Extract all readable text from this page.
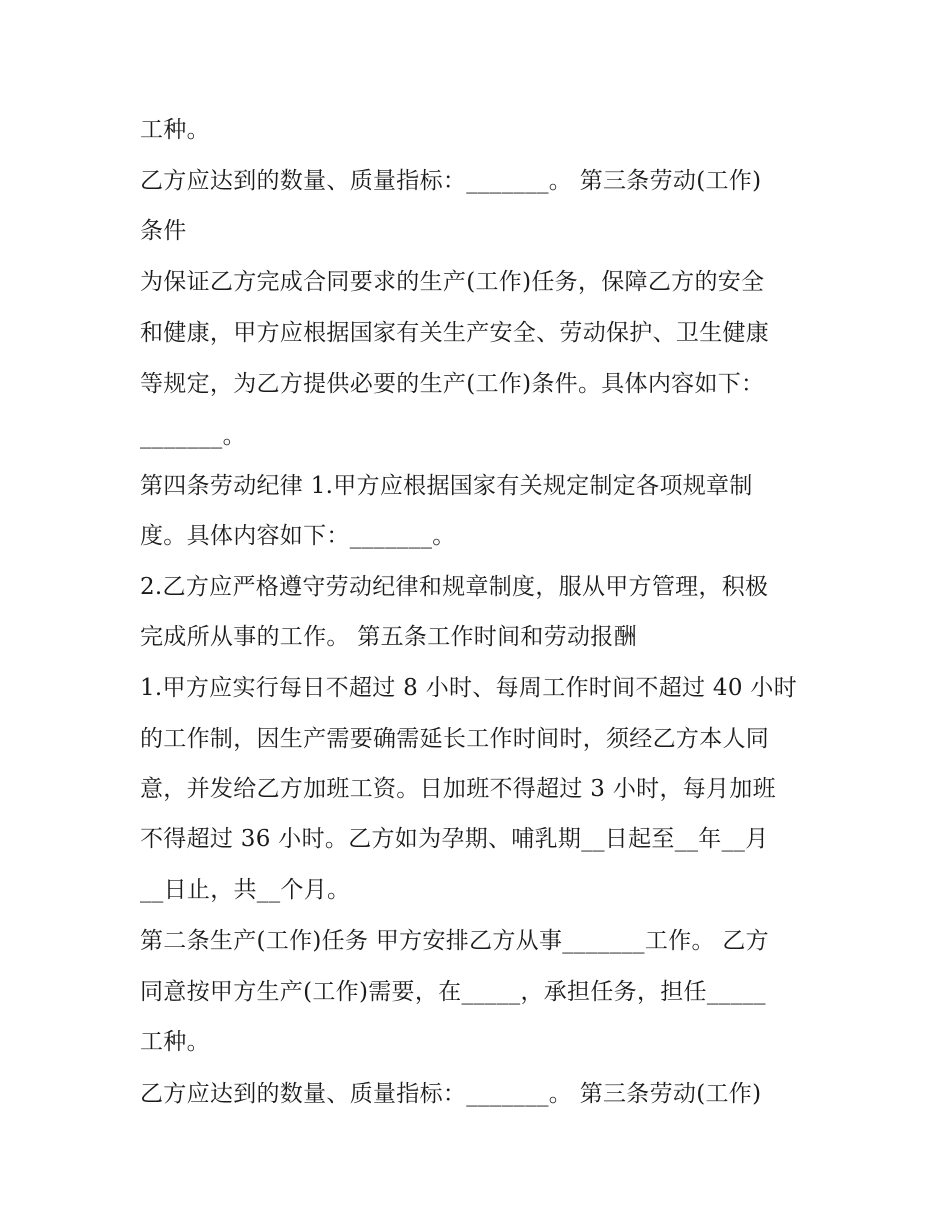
工种。
乙方应达到的数量、质量指标：_______。 第三条劳动(工作)
条件
为保证乙方完成合同要求的生产(工作)任务，保障乙方的安全
和健康，甲方应根据国家有关生产安全、劳动保护、卫生健康
等规定，为乙方提供必要的生产(工作)条件。具体内容如下：
_______。
第四条劳动纪律 1.甲方应根据国家有关规定制定各项规章制
度。具体内容如下：_______。
2.乙方应严格遵守劳动纪律和规章制度，服从甲方管理，积极
完成所从事的工作。 第五条工作时间和劳动报酬
1.甲方应实行每日不超过 8 小时、每周工作时间不超过 40 小时
的工作制，因生产需要确需延长工作时间时，须经乙方本人同
意，并发给乙方加班工资。日加班不得超过 3 小时，每月加班
不得超过 36 小时。乙方如为孕期、哺乳期__日起至__年__月
__日止，共__个月。
第二条生产(工作)任务 甲方安排乙方从事_______工作。 乙方
同意按甲方生产(工作)需要，在_____，承担任务，担任_____
工种。
乙方应达到的数量、质量指标：_______。 第三条劳动(工作)
